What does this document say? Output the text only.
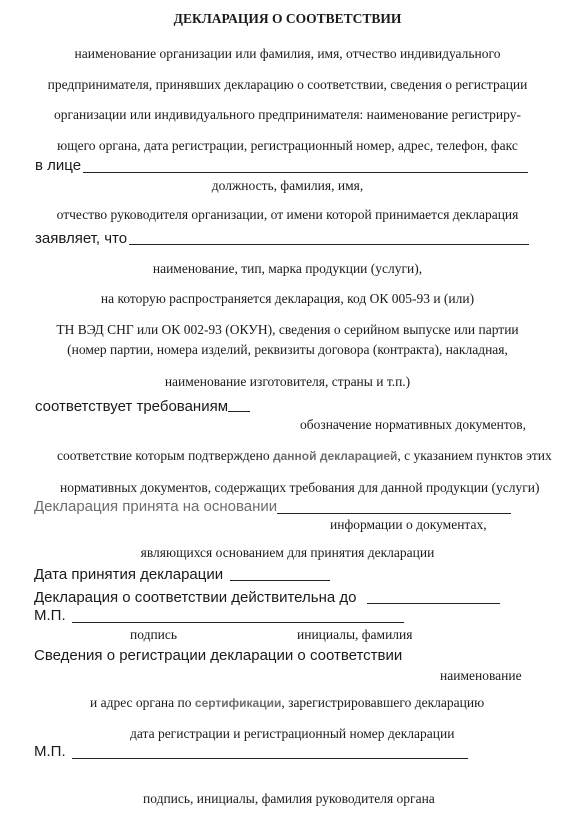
ДЕКЛАРАЦИЯ О СООТВЕТСТВИИ
наименование организации или фамилия, имя, отчество индивидуального
предпринимателя, принявших декларацию о соответствии, сведения о регистрации
организации или индивидуального предпринимателя: наименование регистриру-
ющего органа, дата регистрации, регистрационный номер, адрес, телефон, факс
в лице
должность, фамилия, имя,
отчество руководителя организации, от имени которой принимается декларация
заявляет, что
наименование, тип, марка продукции (услуги),
на которую распространяется декларация, код ОК 005-93 и (или)
ТН ВЭД СНГ или ОК 002-93 (ОКУН), сведения о серийном выпуске или партии
(номер партии, номера изделий, реквизиты договора (контракта), накладная,
наименование изготовителя, страны и т.п.)
соответствует требованиям
обозначение нормативных документов,
соответствие которым подтверждено данной декларацией, с указанием пунктов этих
нормативных документов, содержащих требования для данной продукции (услуги)
Декларация принята на основании
информации о документах,
являющихся основанием для принятия декларации
Дата принятия декларации
Декларация о соответствии действительна до
М.П.
подпись	инициалы, фамилия
Сведения о регистрации декларации о соответствии
наименование
и адрес органа по сертификации, зарегистрировавшего декларацию
дата регистрации и регистрационный номер декларации
М.П.
подпись, инициалы, фамилия руководителя органа
